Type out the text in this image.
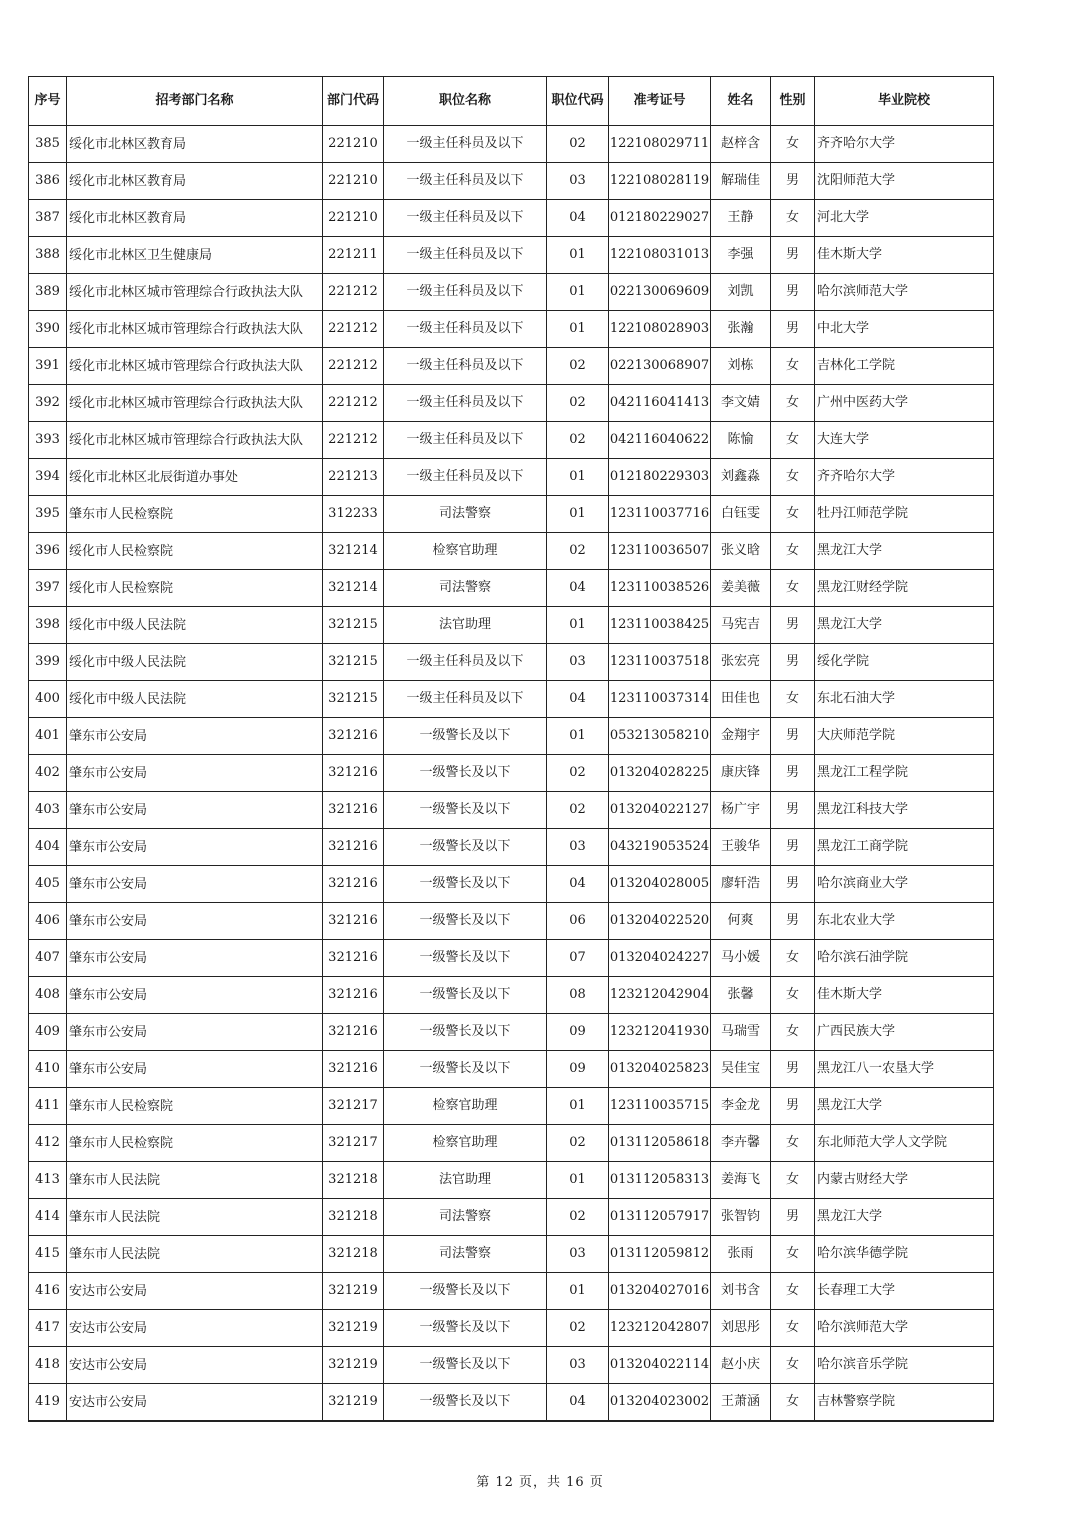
序号	招考部门名称	部门代码	职位名称	职位代码	准考证号	姓名	性别	毕业院校
385	绥化市北林区教育局	221210	一级主任科员及以下	02	122108029711	赵梓含	女	齐齐哈尔大学
386	绥化市北林区教育局	221210	一级主任科员及以下	03	122108028119	解瑞佳	男	沈阳师范大学
387	绥化市北林区教育局	221210	一级主任科员及以下	04	012180229027	王静	女	河北大学
388	绥化市北林区卫生健康局	221211	一级主任科员及以下	01	122108031013	李强	男	佳木斯大学
389	绥化市北林区城市管理综合行政执法大队	221212	一级主任科员及以下	01	022130069609	刘凯	男	哈尔滨师范大学
390	绥化市北林区城市管理综合行政执法大队	221212	一级主任科员及以下	01	122108028903	张瀚	男	中北大学
391	绥化市北林区城市管理综合行政执法大队	221212	一级主任科员及以下	02	022130068907	刘栋	女	吉林化工学院
392	绥化市北林区城市管理综合行政执法大队	221212	一级主任科员及以下	02	042116041413	李文婧	女	广州中医药大学
393	绥化市北林区城市管理综合行政执法大队	221212	一级主任科员及以下	02	042116040622	陈愉	女	大连大学
394	绥化市北林区北辰街道办事处	221213	一级主任科员及以下	01	012180229303	刘鑫淼	女	齐齐哈尔大学
395	肇东市人民检察院	312233	司法警察	01	123110037716	白钰雯	女	牡丹江师范学院
396	绥化市人民检察院	321214	检察官助理	02	123110036507	张义晗	女	黑龙江大学
397	绥化市人民检察院	321214	司法警察	04	123110038526	姜美薇	女	黑龙江财经学院
398	绥化市中级人民法院	321215	法官助理	01	123110038425	马宪吉	男	黑龙江大学
399	绥化市中级人民法院	321215	一级主任科员及以下	03	123110037518	张宏亮	男	绥化学院
400	绥化市中级人民法院	321215	一级主任科员及以下	04	123110037314	田佳也	女	东北石油大学
401	肇东市公安局	321216	一级警长及以下	01	053213058210	金翔宇	男	大庆师范学院
402	肇东市公安局	321216	一级警长及以下	02	013204028225	康庆锋	男	黑龙江工程学院
403	肇东市公安局	321216	一级警长及以下	02	013204022127	杨广宇	男	黑龙江科技大学
404	肇东市公安局	321216	一级警长及以下	03	043219053524	王骏华	男	黑龙江工商学院
405	肇东市公安局	321216	一级警长及以下	04	013204028005	廖轩浩	男	哈尔滨商业大学
406	肇东市公安局	321216	一级警长及以下	06	013204022520	何爽	男	东北农业大学
407	肇东市公安局	321216	一级警长及以下	07	013204024227	马小媛	女	哈尔滨石油学院
408	肇东市公安局	321216	一级警长及以下	08	123212042904	张馨	女	佳木斯大学
409	肇东市公安局	321216	一级警长及以下	09	123212041930	马瑞雪	女	广西民族大学
410	肇东市公安局	321216	一级警长及以下	09	013204025823	吴佳宝	男	黑龙江八一农垦大学
411	肇东市人民检察院	321217	检察官助理	01	123110035715	李金龙	男	黑龙江大学
412	肇东市人民检察院	321217	检察官助理	02	013112058618	李卉馨	女	东北师范大学人文学院
413	肇东市人民法院	321218	法官助理	01	013112058313	姜海飞	女	内蒙古财经大学
414	肇东市人民法院	321218	司法警察	02	013112057917	张智钧	男	黑龙江大学
415	肇东市人民法院	321218	司法警察	03	013112059812	张雨	女	哈尔滨华德学院
416	安达市公安局	321219	一级警长及以下	01	013204027016	刘书含	女	长春理工大学
417	安达市公安局	321219	一级警长及以下	02	123212042807	刘思彤	女	哈尔滨师范大学
418	安达市公安局	321219	一级警长及以下	03	013204022114	赵小庆	女	哈尔滨音乐学院
419	安达市公安局	321219	一级警长及以下	04	013204023002	王萧涵	女	吉林警察学院
第 12 页，共 16 页
